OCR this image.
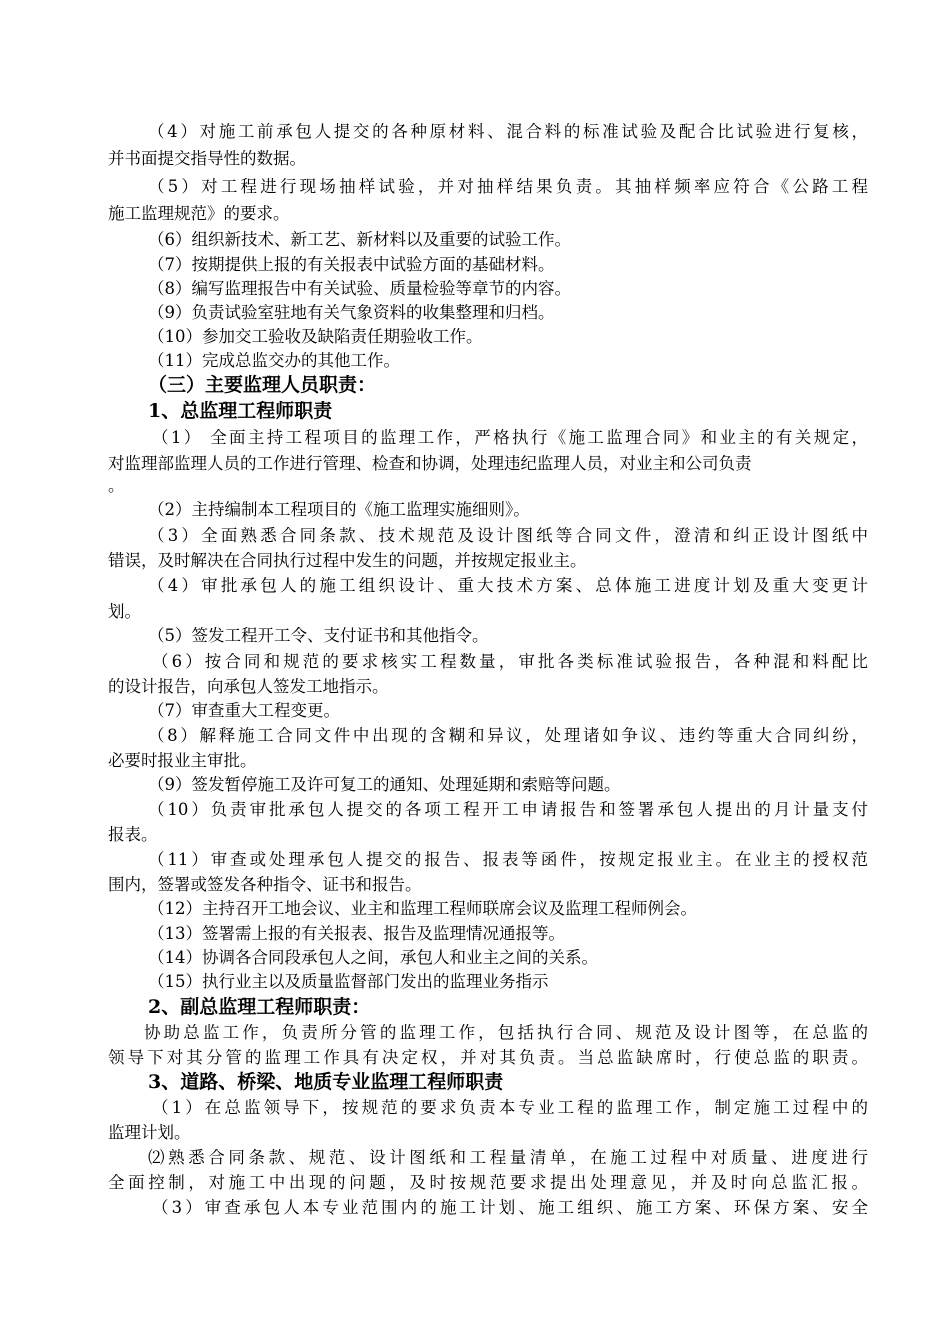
（4）对施工前承包人提交的各种原材料、混合料的标准试验及配合比试验进行复核，
并书面提交指导性的数据。
（5）对工程进行现场抽样试验，并对抽样结果负责。其抽样频率应符合《公路工程
施工监理规范》的要求。
（6）组织新技术、新工艺、新材料以及重要的试验工作。
（7）按期提供上报的有关报表中试验方面的基础材料。
（8）编写监理报告中有关试验、质量检验等章节的内容。
（9）负责试验室驻地有关气象资料的收集整理和归档。
（10）参加交工验收及缺陷责任期验收工作。
（11）完成总监交办的其他工作。
（三）主要监理人员职责：
1、总监理工程师职责
（1） 全面主持工程项目的监理工作，严格执行《施工监理合同》和业主的有关规定，
对监理部监理人员的工作进行管理、检查和协调，处理违纪监理人员，对业主和公司负责
。
（2）主持编制本工程项目的《施工监理实施细则》。
（3）全面熟悉合同条款、技术规范及设计图纸等合同文件，澄清和纠正设计图纸中
错误，及时解决在合同执行过程中发生的问题，并按规定报业主。
（4）审批承包人的施工组织设计、重大技术方案、总体施工进度计划及重大变更计
划。
（5）签发工程开工令、支付证书和其他指令。
（6）按合同和规范的要求核实工程数量，审批各类标准试验报告，各种混和料配比
的设计报告，向承包人签发工地指示。
（7）审查重大工程变更。
（8）解释施工合同文件中出现的含糊和异议，处理诸如争议、违约等重大合同纠纷，
必要时报业主审批。
（9）签发暂停施工及许可复工的通知、处理延期和索赔等问题。
（10）负责审批承包人提交的各项工程开工申请报告和签署承包人提出的月计量支付
报表。
（11）审查或处理承包人提交的报告、报表等函件，按规定报业主。在业主的授权范
围内，签署或签发各种指令、证书和报告。
（12）主持召开工地会议、业主和监理工程师联席会议及监理工程师例会。
（13）签署需上报的有关报表、报告及监理情况通报等。
（14）协调各合同段承包人之间，承包人和业主之间的关系。
（15）执行业主以及质量监督部门发出的监理业务指示
2、副总监理工程师职责：
协助总监工作，负责所分管的监理工作，包括执行合同、规范及设计图等，在总监的
领导下对其分管的监理工作具有决定权，并对其负责。当总监缺席时，行使总监的职责。
3、道路、桥梁、地质专业监理工程师职责
（1）在总监领导下，按规范的要求负责本专业工程的监理工作，制定施工过程中的
监理计划。
⑵熟悉合同条款、规范、设计图纸和工程量清单，在施工过程中对质量、进度进行
全面控制，对施工中出现的问题，及时按规范要求提出处理意见，并及时向总监汇报。
（3）审查承包人本专业范围内的施工计划、施工组织、施工方案、环保方案、安全
